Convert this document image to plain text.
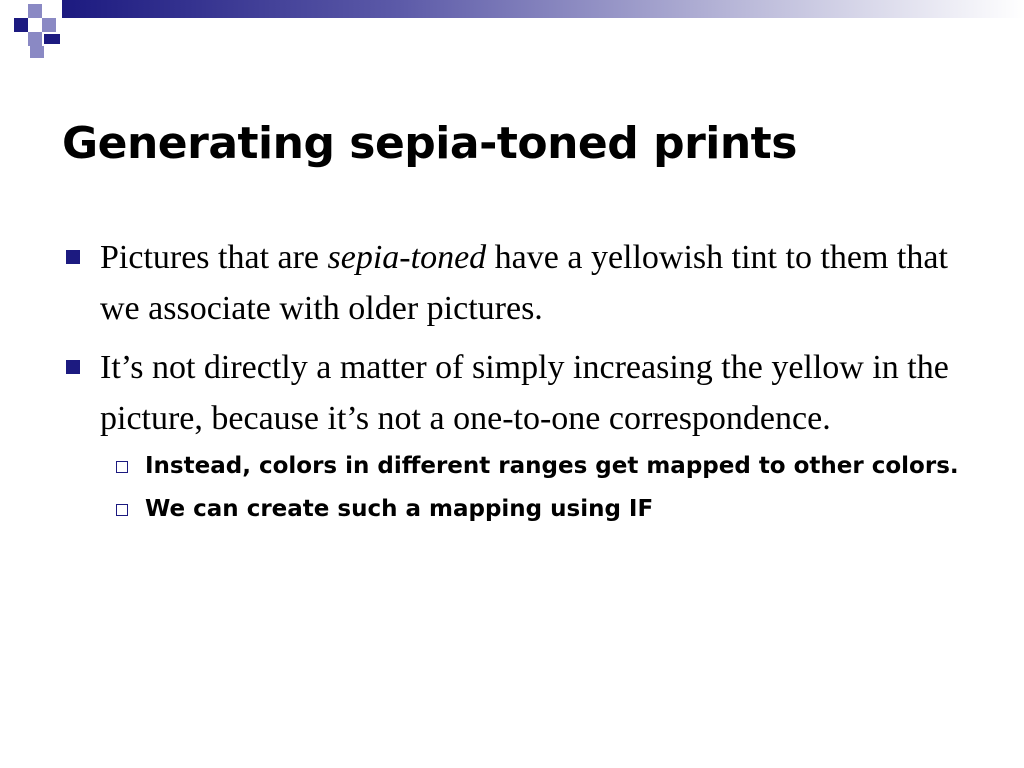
Generating sepia-toned prints
Pictures that are sepia-toned have a yellowish tint to them that we associate with older pictures.
It’s not directly a matter of simply increasing the yellow in the picture, because it’s not a one-to-one correspondence.
Instead, colors in different ranges get mapped to other colors.
We can create such a mapping using IF
